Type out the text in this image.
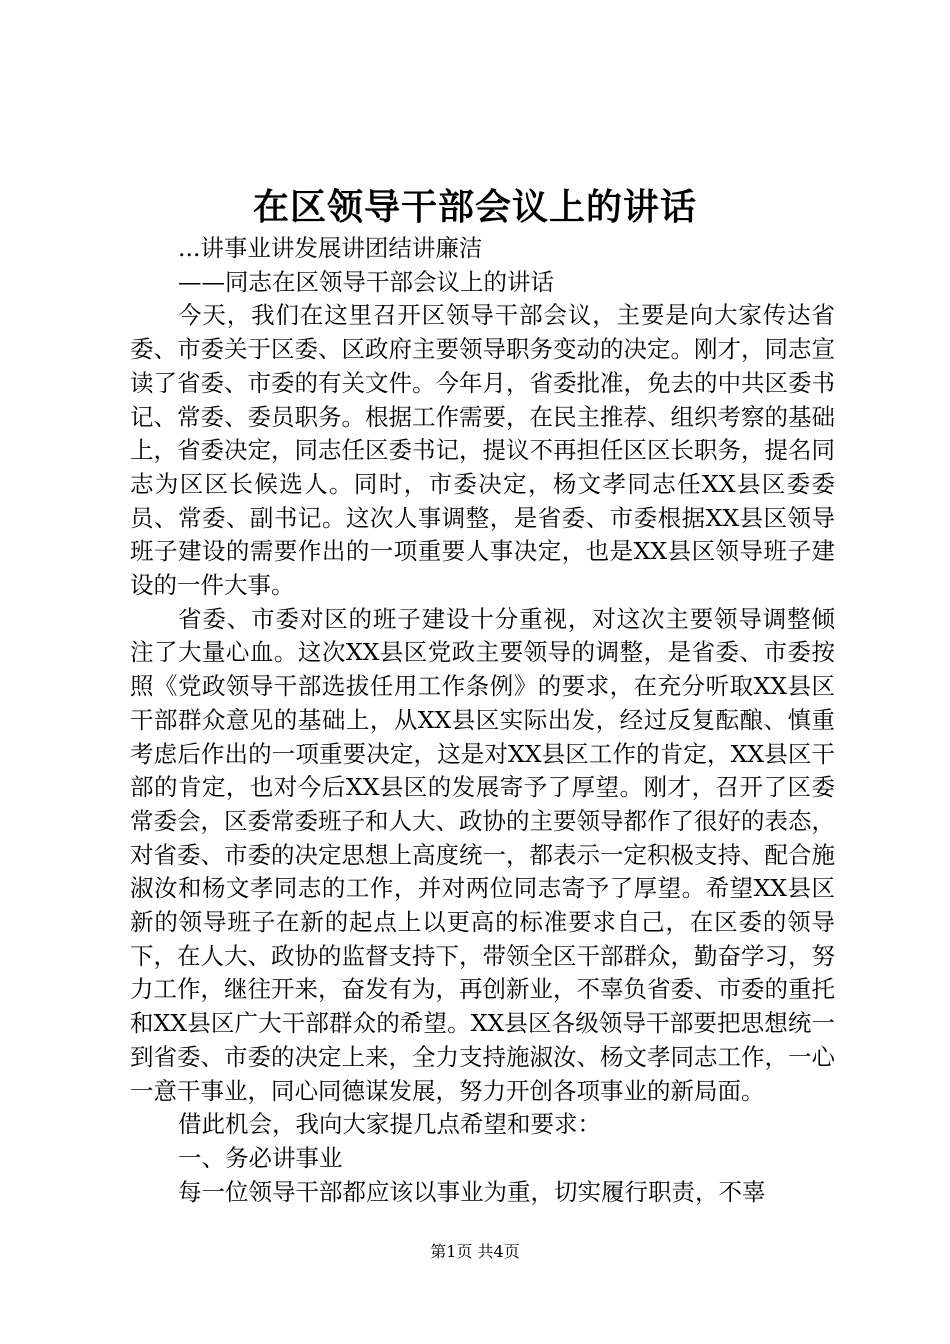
在区领导干部会议上的讲话

...讲事业讲发展讲团结讲廉洁

——同志在区领导干部会议上的讲话

今天，我们在这里召开区领导干部会议，主要是向大家传达省委、市委关于区委、区政府主要领导职务变动的决定。刚才，同志宣读了省委、市委的有关文件。今年月，省委批准，免去的中共区委书记、常委、委员职务。根据工作需要，在民主推荐、组织考察的基础上，省委决定，同志任区委书记，提议不再担任区区长职务，提名同志为区区长候选人。同时，市委决定，杨文孝同志任XX县区委委员、常委、副书记。这次人事调整，是省委、市委根据XX县区领导班子建设的需要作出的一项重要人事决定，也是XX县区领导班子建设的一件大事。

省委、市委对区的班子建设十分重视，对这次主要领导调整倾注了大量心血。这次XX县区党政主要领导的调整，是省委、市委按照《党政领导干部选拔任用工作条例》的要求，在充分听取XX县区干部群众意见的基础上，从XX县区实际出发，经过反复酝酿、慎重考虑后作出的一项重要决定，这是对XX县区工作的肯定，XX县区干部的肯定，也对今后XX县区的发展寄予了厚望。刚才，召开了区委常委会，区委常委班子和人大、政协的主要领导都作了很好的表态，对省委、市委的决定思想上高度统一，都表示一定积极支持、配合施淑汝和杨文孝同志的工作，并对两位同志寄予了厚望。希望XX县区新的领导班子在新的起点上以更高的标准要求自己，在区委的领导下，在人大、政协的监督支持下，带领全区干部群众，勤奋学习，努力工作，继往开来，奋发有为，再创新业，不辜负省委、市委的重托和XX县区广大干部群众的希望。XX县区各级领导干部要把思想统一到省委、市委的决定上来，全力支持施淑汝、杨文孝同志工作，一心一意干事业，同心同德谋发展，努力开创各项事业的新局面。

借此机会，我向大家提几点希望和要求：

一、务必讲事业

每一位领导干部都应该以事业为重，切实履行职责，不辜

第1页 共4页
